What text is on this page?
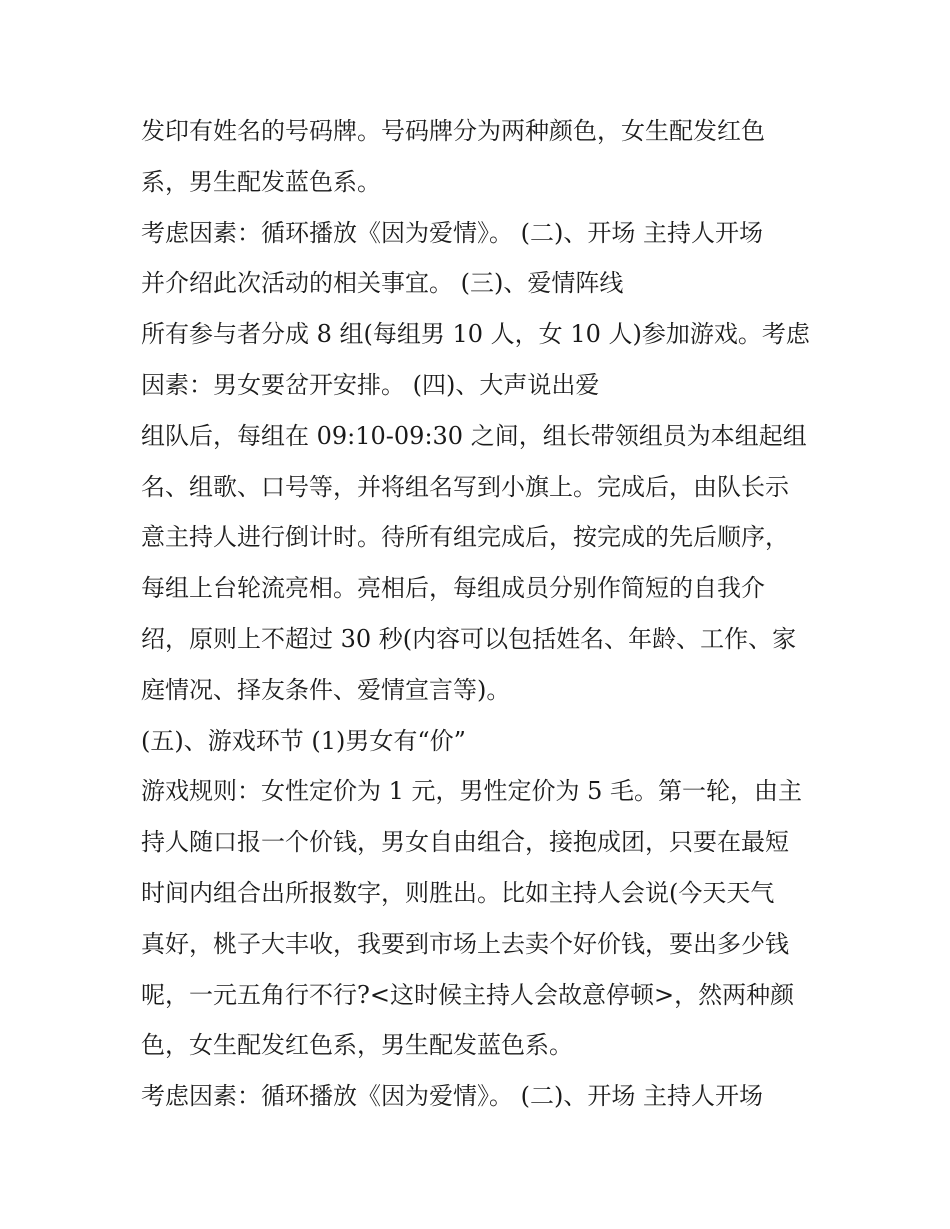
发印有姓名的号码牌。号码牌分为两种颜色，女生配发红色
系，男生配发蓝色系。
考虑因素：循环播放《因为爱情》。 (二)、开场 主持人开场
并介绍此次活动的相关事宜。 (三)、爱情阵线
所有参与者分成 8 组(每组男 10 人，女 10 人)参加游戏。考虑
因素：男女要岔开安排。 (四)、大声说出爱
组队后，每组在 09:10-09:30 之间，组长带领组员为本组起组
名、组歌、口号等，并将组名写到小旗上。完成后，由队长示
意主持人进行倒计时。待所有组完成后，按完成的先后顺序，
每组上台轮流亮相。亮相后，每组成员分别作简短的自我介
绍，原则上不超过 30 秒(内容可以包括姓名、年龄、工作、家
庭情况、择友条件、爱情宣言等)。
(五)、游戏环节 (1)男女有“价”
游戏规则：女性定价为 1 元，男性定价为 5 毛。第一轮，由主
持人随口报一个价钱，男女自由组合，接抱成团，只要在最短
时间内组合出所报数字，则胜出。比如主持人会说(今天天气
真好，桃子大丰收，我要到市场上去卖个好价钱，要出多少钱
呢，一元五角行不行?<这时候主持人会故意停顿>，然两种颜
色，女生配发红色系，男生配发蓝色系。
考虑因素：循环播放《因为爱情》。 (二)、开场 主持人开场
